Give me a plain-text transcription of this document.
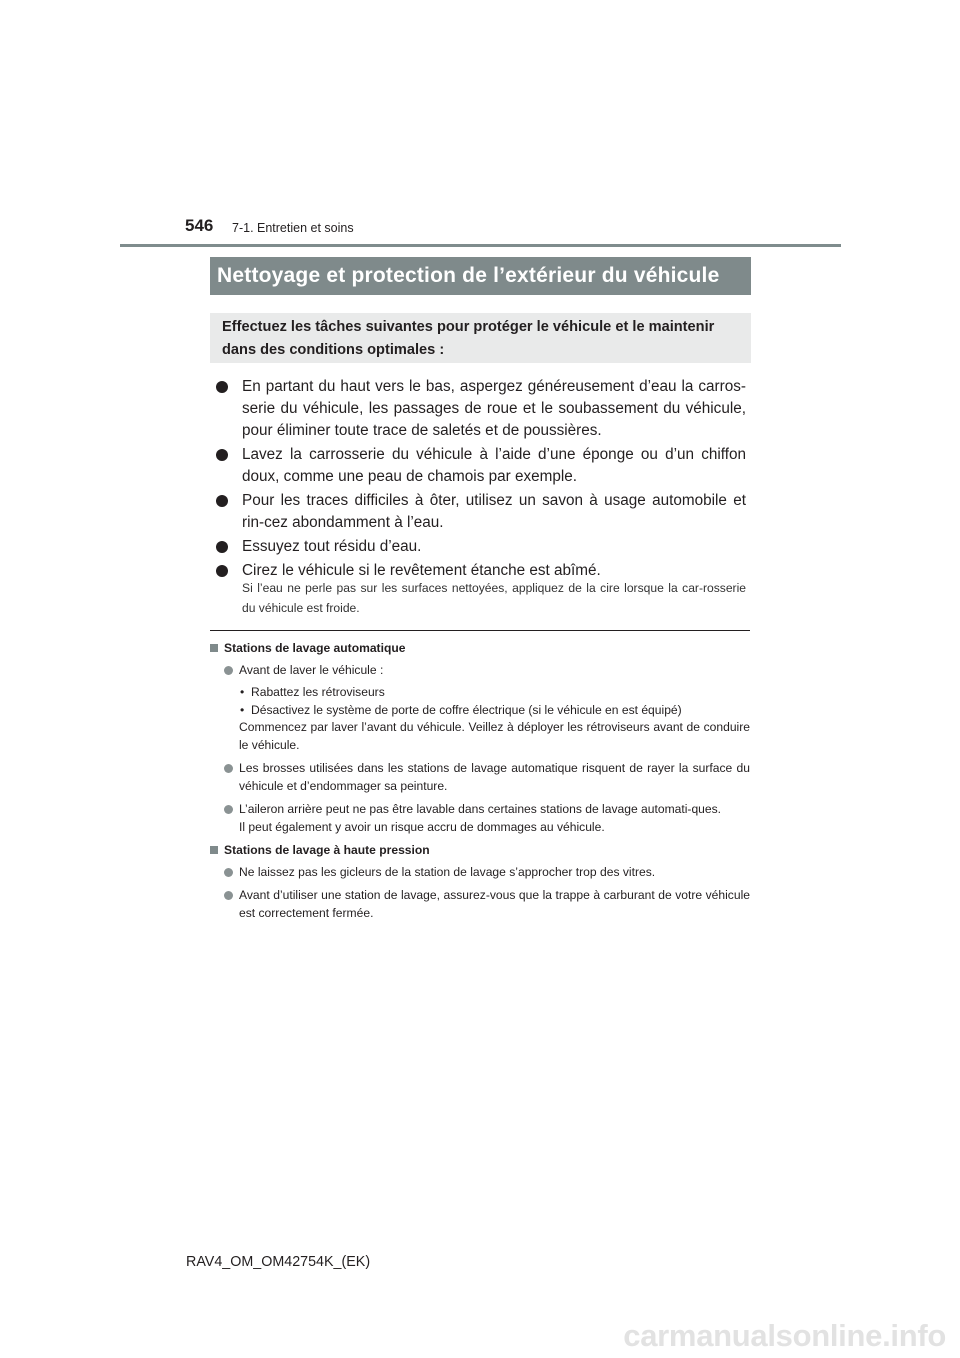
546 7-1. Entretien et soins
Nettoyage et protection de l’extérieur du véhicule
Effectuez les tâches suivantes pour protéger le véhicule et le maintenir dans des conditions optimales :
En partant du haut vers le bas, aspergez généreusement d’eau la carros-serie du véhicule, les passages de roue et le soubassement du véhicule, pour éliminer toute trace de saletés et de poussières.
Lavez la carrosserie du véhicule à l’aide d’une éponge ou d’un chiffon doux, comme une peau de chamois par exemple.
Pour les traces difficiles à ôter, utilisez un savon à usage automobile et rin-cez abondamment à l’eau.
Essuyez tout résidu d’eau.
Cirez le véhicule si le revêtement étanche est abîmé.
Si l’eau ne perle pas sur les surfaces nettoyées, appliquez de la cire lorsque la car-rosserie du véhicule est froide.
Stations de lavage automatique
Avant de laver le véhicule :
• Rabattez les rétroviseurs
• Désactivez le système de porte de coffre électrique (si le véhicule en est équipé)
Commencez par laver l’avant du véhicule. Veillez à déployer les rétroviseurs avant de conduire le véhicule.
Les brosses utilisées dans les stations de lavage automatique risquent de rayer la surface du véhicule et d’endommager sa peinture.
L’aileron arrière peut ne pas être lavable dans certaines stations de lavage automati-ques.
Il peut également y avoir un risque accru de dommages au véhicule.
Stations de lavage à haute pression
Ne laissez pas les gicleurs de la station de lavage s’approcher trop des vitres.
Avant d’utiliser une station de lavage, assurez-vous que la trappe à carburant de votre véhicule est correctement fermée.
RAV4_OM_OM42754K_(EK)
carmanualsonline.info
